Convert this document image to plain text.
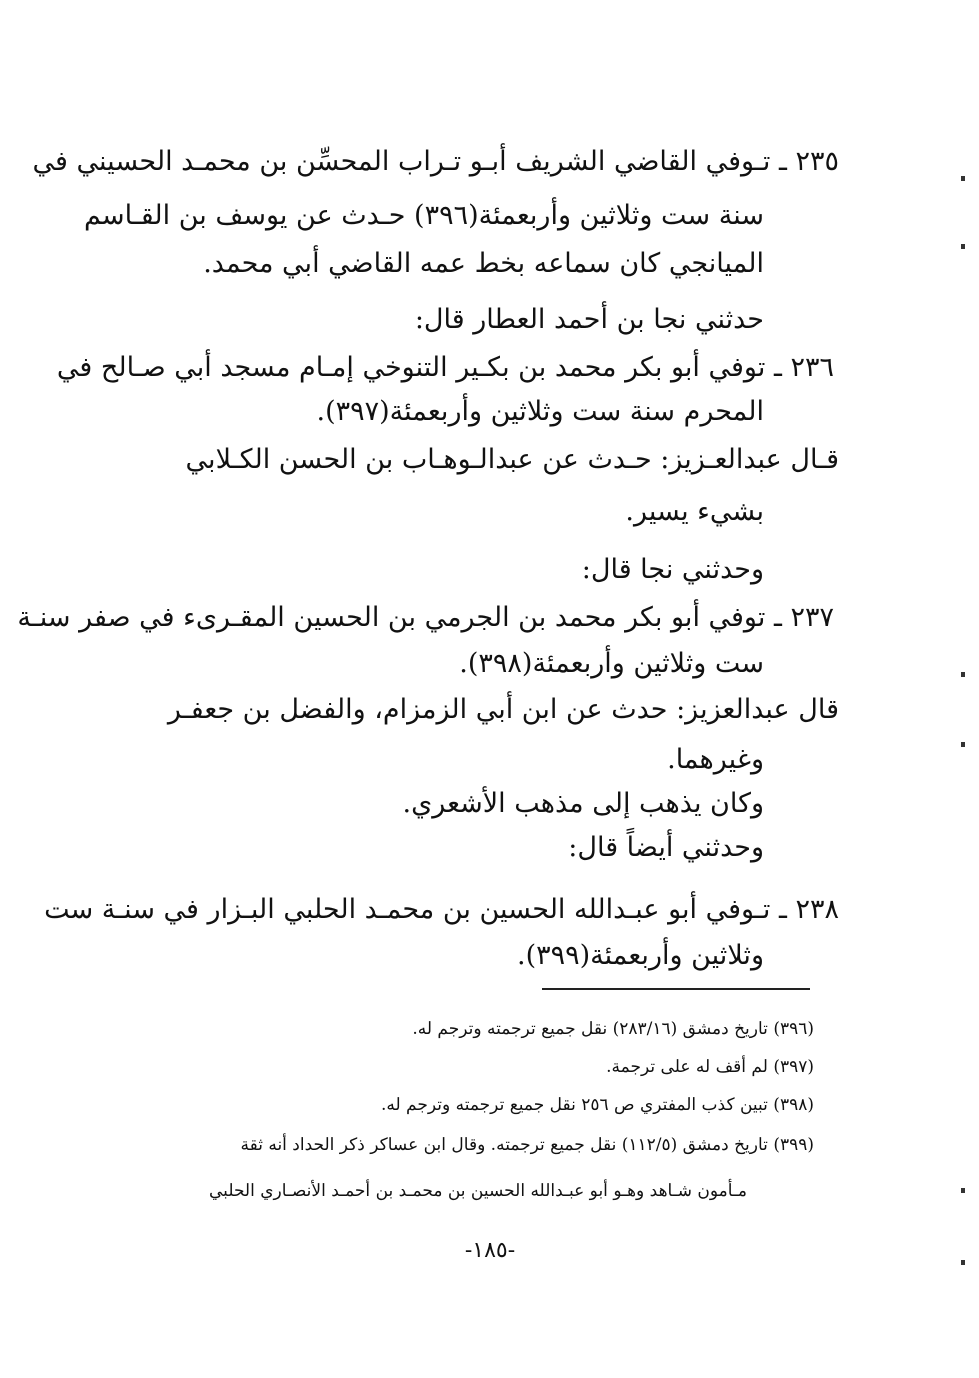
٢٣٥ ـ تـوفي القاضي الشريف أبـو تـراب المحسِّن بن محمـد الحسيني في
سنة ست وثلاثين وأربعمئة(٣٩٦) حـدث عن يوسف بن القـاسم
الميانجي كان سماعه بخط عمه القاضي أبي محمد.
حدثني نجا بن أحمد العطار قال:
٢٣٦ ـ توفي أبو بكر محمد بن بكـير التنوخي إمـام مسجد أبي صـالح في
المحرم سنة ست وثلاثين وأربعمئة(٣٩٧).
قـال عبدالعـزيز: حـدث عن عبدالـوهـاب بن الحسن الكـلابي
بشيء يسير.
وحدثني نجا قال:
٢٣٧ ـ توفي أبو بكر محمد بن الجرمي بن الحسين المقـرىء في صفر سنـة
ست وثلاثين وأربعمئة(٣٩٨).
قال عبدالعزيز: حدث عن ابن أبي الزمزام، والفضل بن جعفـر
وغيرهما.
وكان يذهب إلى مذهب الأشعري.
وحدثني أيضاً قال:
٢٣٨ ـ تـوفي أبو عبـدالله الحسين بن محمـد الحلبي البـزار في سنـة ست
وثلاثين وأربعمئة(٣٩٩).
(٣٩٦) تاريخ دمشق (٢٨٣/١٦) نقل جميع ترجمته وترجم له.
(٣٩٧) لم أقف له على ترجمة.
(٣٩٨) تبين كذب المفتري ص ٢٥٦ نقل جميع ترجمته وترجم له.
(٣٩٩) تاريخ دمشق (١١٢/٥) نقل جميع ترجمته. وقال ابن عساكر ذكر الحداد أنه ثقة
مـأمون شـاهد وهـو أبو عبـدالله الحسين بن محمـد بن أحمـد الأنصـاري الحلبي
-١٨٥-
